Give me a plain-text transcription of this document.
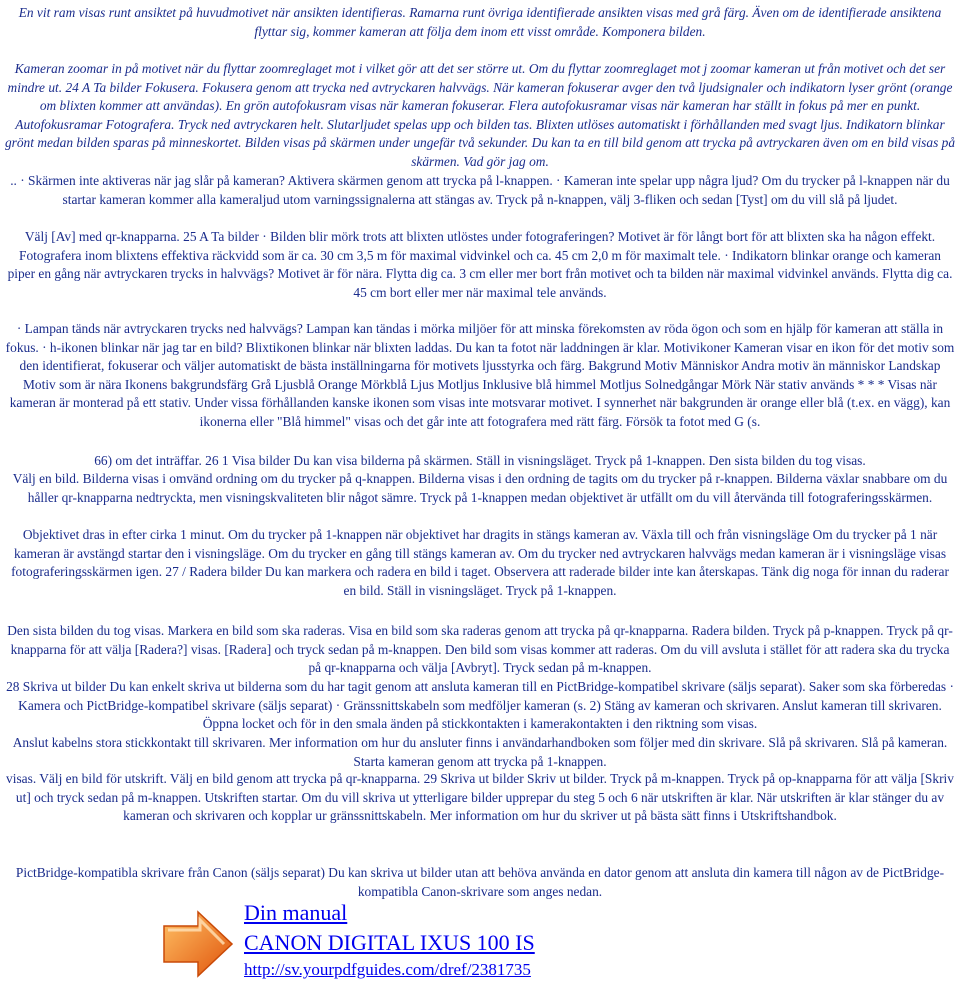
En vit ram visas runt ansiktet på huvudmotivet när ansikten identifieras. Ramarna runt övriga identifierade ansikten visas med grå färg. Även om de identifierade ansiktena flyttar sig, kommer kameran att följa dem inom ett visst område. Komponera bilden.

Kameran zoomar in på motivet när du flyttar zoomreglaget mot i vilket gör att det ser större ut. Om du flyttar zoomreglaget mot j zoomar kameran ut från motivet och det ser mindre ut. 24 A Ta bilder Fokusera. Fokusera genom att trycka ned avtryckaren halvvägs. När kameran fokuserar avger den två ljudsignaler och indikatorn lyser grönt (orange om blixten kommer att användas). En grön autofokusram visas när kameran fokuserar. Flera autofokusramar visas när kameran har ställt in fokus på mer en punkt. Autofokusramar Fotografera. Tryck ned avtryckaren helt. Slutarljudet spelas upp och bilden tas. Blixten utlöses automatiskt i förhållanden med svagt ljus. Indikatorn blinkar grönt medan bilden sparas på minneskortet. Bilden visas på skärmen under ungefär två sekunder. Du kan ta en till bild genom att trycka på avtryckaren även om en bild visas på skärmen. Vad gör jag om.

.. · Skärmen inte aktiveras när jag slår på kameran? Aktivera skärmen genom att trycka på l-knappen. · Kameran inte spelar upp några ljud? Om du trycker på l-knappen när du startar kameran kommer alla kameraljud utom varningssignalerna att stängas av. Tryck på n-knappen, välj 3-fliken och sedan [Tyst] om du vill slå på ljudet.

Välj [Av] med qr-knapparna. 25 A Ta bilder · Bilden blir mörk trots att blixten utlöstes under fotograferingen? Motivet är för långt bort för att blixten ska ha någon effekt. Fotografera inom blixtens effektiva räckvidd som är ca. 30 cm 3,5 m för maximal vidvinkel och ca. 45 cm 2,0 m för maximalt tele. · Indikatorn blinkar orange och kameran piper en gång när avtryckaren trycks in halvvägs? Motivet är för nära. Flytta dig ca. 3 cm eller mer bort från motivet och ta bilden när maximal vidvinkel används. Flytta dig ca. 45 cm bort eller mer när maximal tele används.

· Lampan tänds när avtryckaren trycks ned halvvägs? Lampan kan tändas i mörka miljöer för att minska förekomsten av röda ögon och som en hjälp för kameran att ställa in fokus. · h-ikonen blinkar när jag tar en bild? Blixtikonen blinkar när blixten laddas. Du kan ta fotot när laddningen är klar. Motivikoner Kameran visar en ikon för det motiv som den identifierat, fokuserar och väljer automatiskt de bästa inställningarna för motivets ljusstyrka och färg. Bakgrund Motiv Människor Andra motiv än människor Landskap Motiv som är nära Ikonens bakgrundsfärg Grå Ljusblå Orange Mörkblå Ljus Motljus Inklusive blå himmel Motljus Solnedgångar Mörk När stativ används * * * Visas när kameran är monterad på ett stativ. Under vissa förhållanden kanske ikonen som visas inte motsvarar motivet. I synnerhet när bakgrunden är orange eller blå (t.ex. en vägg), kan ikonerna eller "Blå himmel" visas och det går inte att fotografera med rätt färg. Försök ta fotot med G (s.

66) om det inträffar. 26 1 Visa bilder Du kan visa bilderna på skärmen. Ställ in visningsläget. Tryck på 1-knappen. Den sista bilden du tog visas.

Välj en bild. Bilderna visas i omvänd ordning om du trycker på q-knappen. Bilderna visas i den ordning de tagits om du trycker på r-knappen. Bilderna växlar snabbare om du håller qr-knapparna nedtryckta, men visningskvaliteten blir något sämre. Tryck på 1-knappen medan objektivet är utfällt om du vill återvända till fotograferingsskärmen.

Objektivet dras in efter cirka 1 minut. Om du trycker på 1-knappen när objektivet har dragits in stängs kameran av. Växla till och från visningsläge Om du trycker på 1 när kameran är avstängd startar den i visningsläge. Om du trycker en gång till stängs kameran av. Om du trycker ned avtryckaren halvvägs medan kameran är i visningsläge visas fotograferingsskärmen igen. 27 / Radera bilder Du kan markera och radera en bild i taget. Observera att raderade bilder inte kan återskapas. Tänk dig noga för innan du raderar en bild. Ställ in visningsläget. Tryck på 1-knappen.

Den sista bilden du tog visas. Markera en bild som ska raderas. Visa en bild som ska raderas genom att trycka på qr-knapparna. Radera bilden. Tryck på p-knappen. Tryck på qr-knapparna för att välja [Radera?] visas. [Radera] och tryck sedan på m-knappen. Den bild som visas kommer att raderas. Om du vill avsluta i stället för att radera ska du trycka på qr-knapparna och välja [Avbryt]. Tryck sedan på m-knappen.

28 Skriva ut bilder Du kan enkelt skriva ut bilderna som du har tagit genom att ansluta kameran till en PictBridge-kompatibel skrivare (säljs separat). Saker som ska förberedas · Kamera och PictBridge-kompatibel skrivare (säljs separat) · Gränssnittskabeln som medföljer kameran (s. 2) Stäng av kameran och skrivaren. Anslut kameran till skrivaren. Öppna locket och för in den smala änden på stickkontakten i kamerakontakten i den riktning som visas.

Anslut kabelns stora stickkontakt till skrivaren. Mer information om hur du ansluter finns i användarhandboken som följer med din skrivare. Slå på skrivaren. Slå på kameran. Starta kameran genom att trycka på 1-knappen.

visas. Välj en bild för utskrift. Välj en bild genom att trycka på qr-knapparna. 29 Skriva ut bilder Skriv ut bilder. Tryck på m-knappen. Tryck på op-knapparna för att välja [Skriv ut] och tryck sedan på m-knappen. Utskriften startar. Om du vill skriva ut ytterligare bilder upprepar du steg 5 och 6 när utskriften är klar. När utskriften är klar stänger du av kameran och skrivaren och kopplar ur gränssnittskabeln. Mer information om hur du skriver ut på bästa sätt finns i Utskriftshandbok.

PictBridge-kompatibla skrivare från Canon (säljs separat) Du kan skriva ut bilder utan att behöva använda en dator genom att ansluta din kamera till någon av de PictBridge-kompatibla Canon-skrivare som anges nedan.

Din manual
CANON DIGITAL IXUS 100 IS
http://sv.yourpdfguides.com/dref/2381735
